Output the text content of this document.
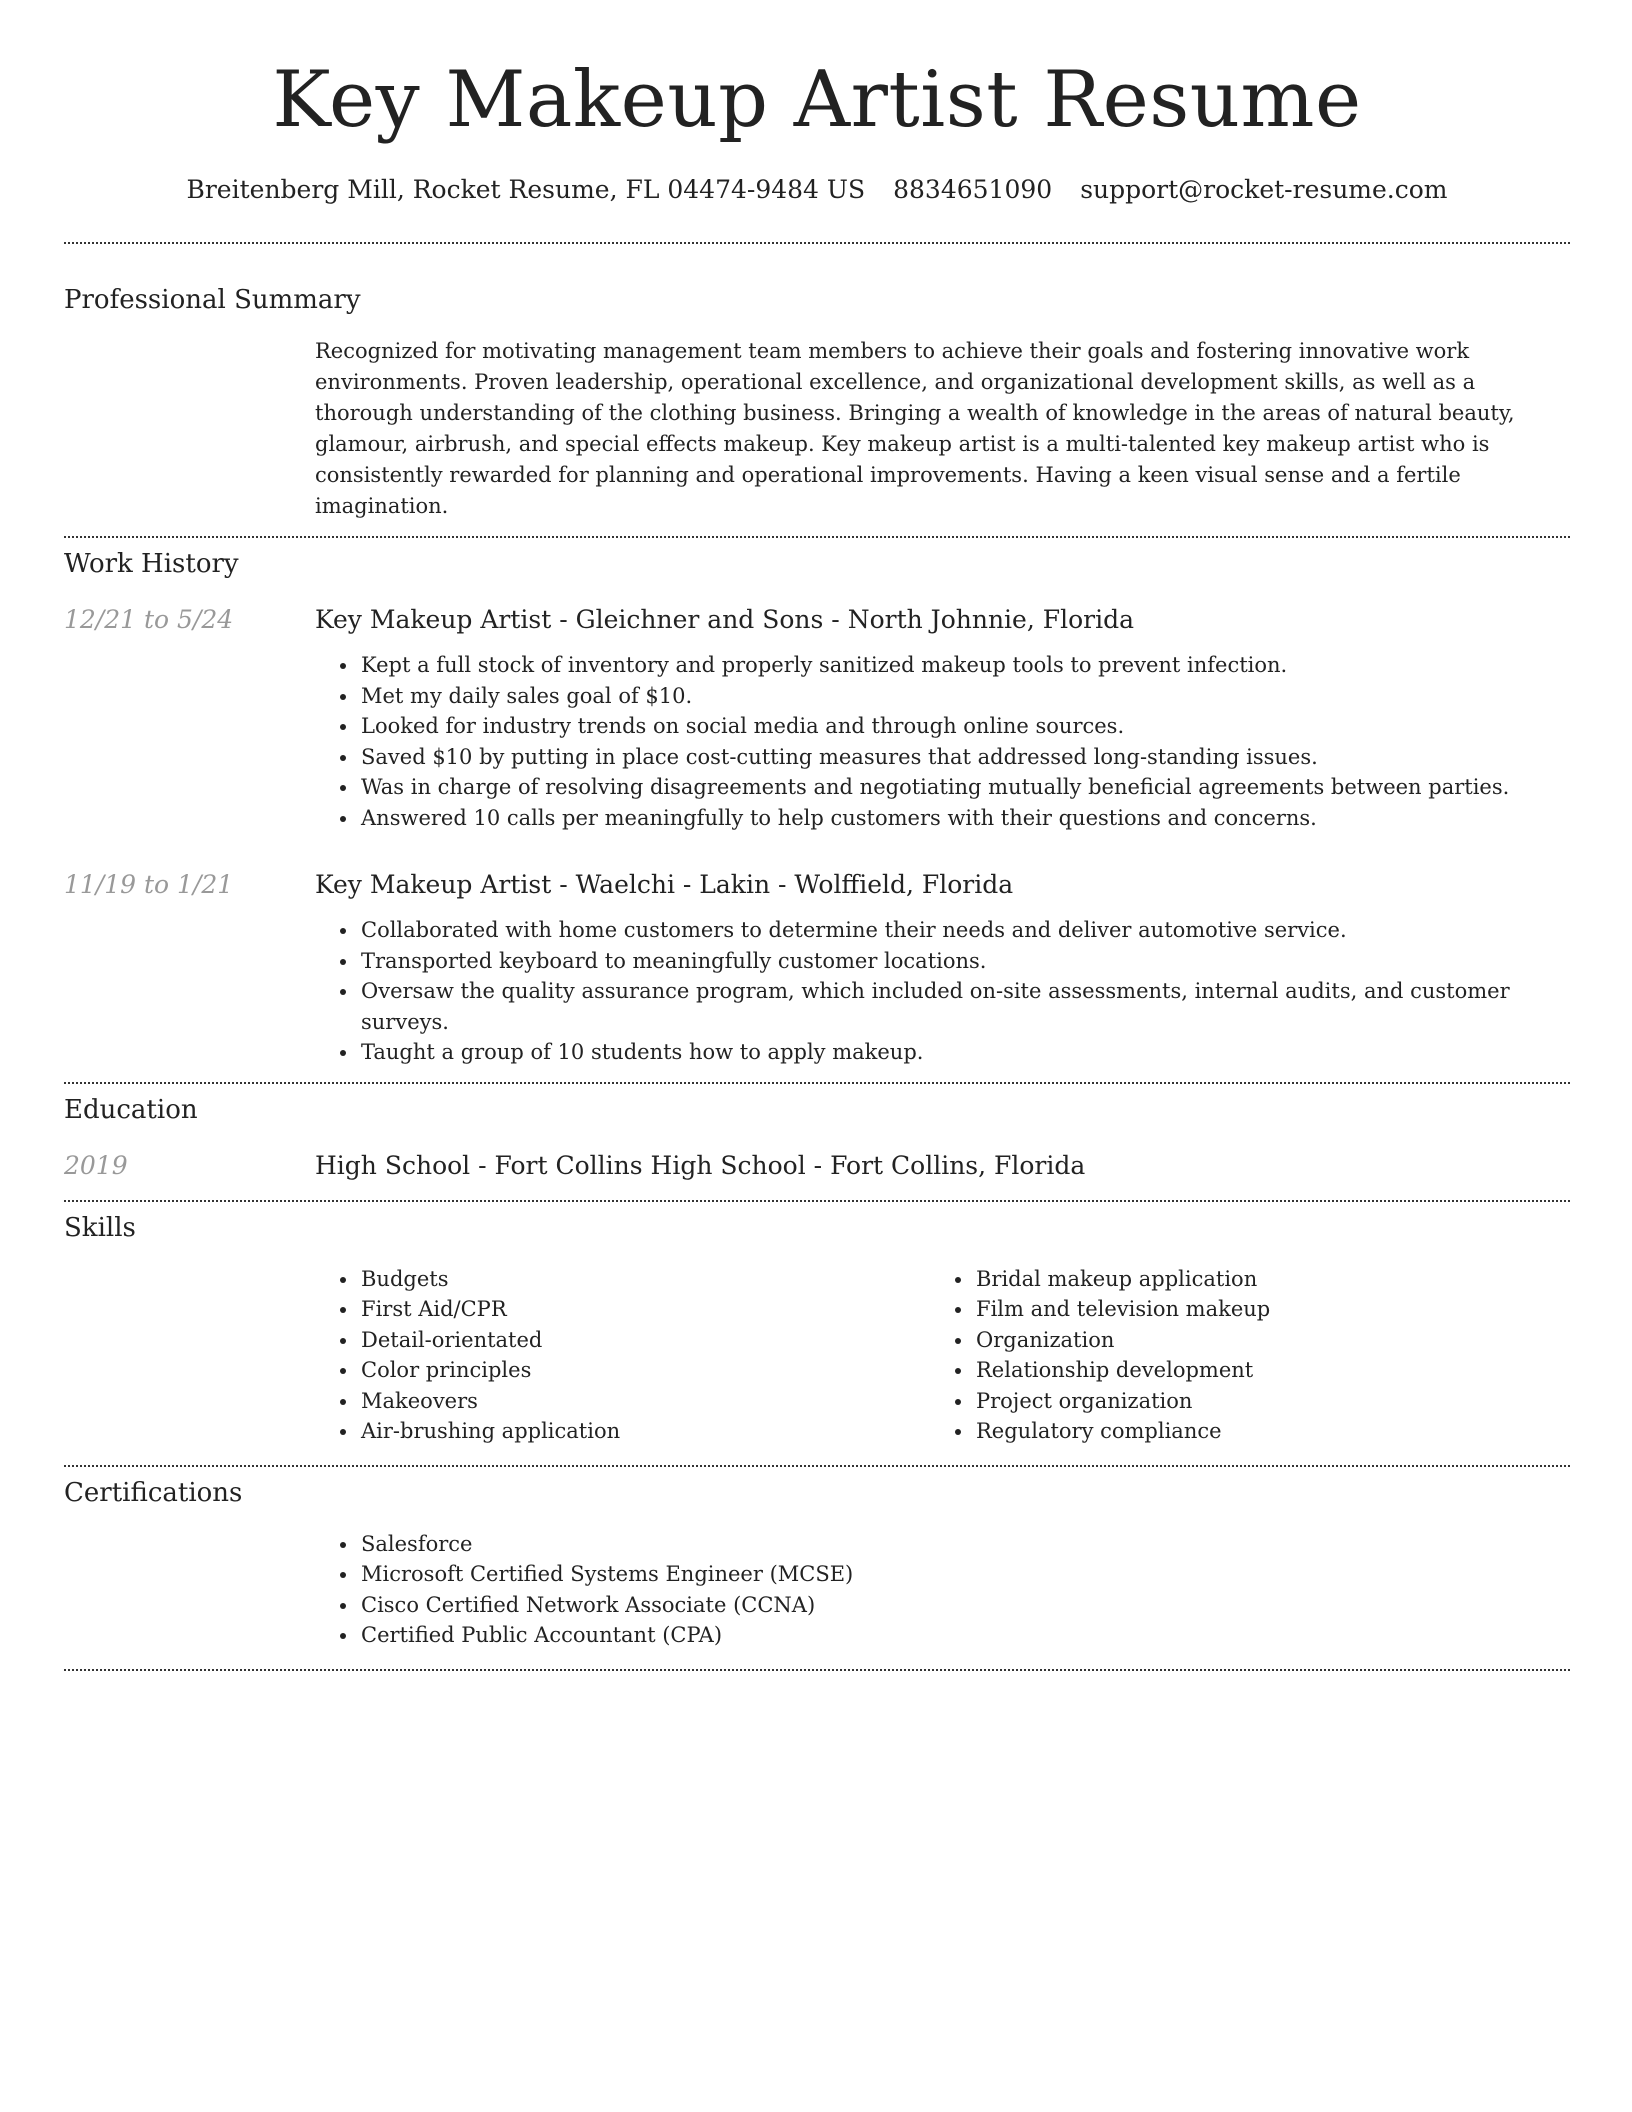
Key Makeup Artist Resume
Breitenberg Mill, Rocket Resume, FL 04474-9484 US 8834651090 support@rocket-resume.com
Professional Summary
Recognized for motivating management team members to achieve their goals and fostering innovative work environments. Proven leadership, operational excellence, and organizational development skills, as well as a thorough understanding of the clothing business. Bringing a wealth of knowledge in the areas of natural beauty, glamour, airbrush, and special effects makeup. Key makeup artist is a multi-talented key makeup artist who is consistently rewarded for planning and operational improvements. Having a keen visual sense and a fertile imagination.
Work History
12/21 to 5/24	Key Makeup Artist - Gleichner and Sons - North Johnnie, Florida
• Kept a full stock of inventory and properly sanitized makeup tools to prevent infection.
• Met my daily sales goal of $10.
• Looked for industry trends on social media and through online sources.
• Saved $10 by putting in place cost-cutting measures that addressed long-standing issues.
• Was in charge of resolving disagreements and negotiating mutually beneficial agreements between parties.
• Answered 10 calls per meaningfully to help customers with their questions and concerns.
11/19 to 1/21	Key Makeup Artist - Waelchi - Lakin - Wolffield, Florida
• Collaborated with home customers to determine their needs and deliver automotive service.
• Transported keyboard to meaningfully customer locations.
• Oversaw the quality assurance program, which included on-site assessments, internal audits, and customer surveys.
• Taught a group of 10 students how to apply makeup.
Education
2019	High School - Fort Collins High School - Fort Collins, Florida
Skills
• Budgets
• First Aid/CPR
• Detail-orientated
• Color principles
• Makeovers
• Air-brushing application
• Bridal makeup application
• Film and television makeup
• Organization
• Relationship development
• Project organization
• Regulatory compliance
Certifications
• Salesforce
• Microsoft Certified Systems Engineer (MCSE)
• Cisco Certified Network Associate (CCNA)
• Certified Public Accountant (CPA)
